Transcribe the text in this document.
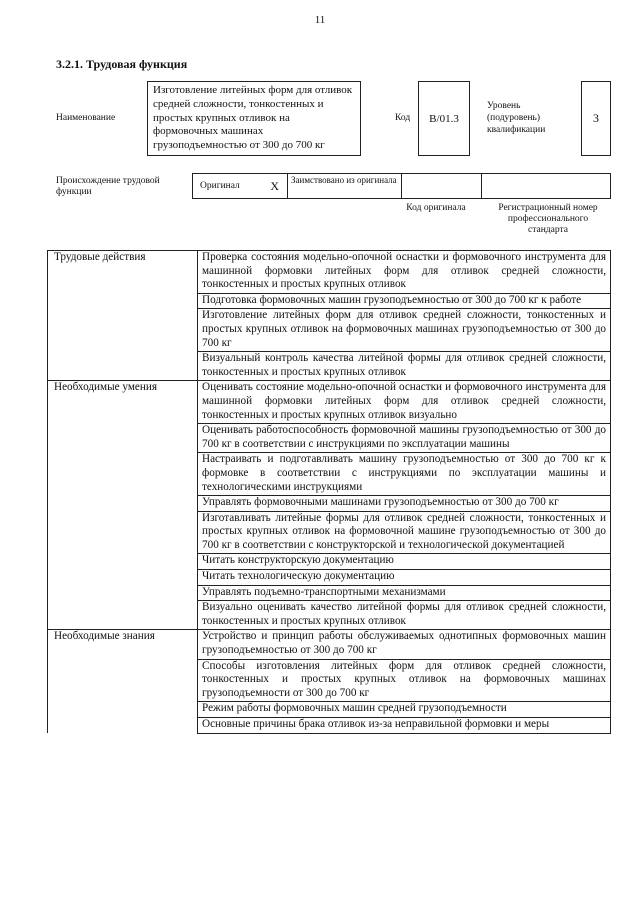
11
3.2.1. Трудовая функция
Наименование
Изготовление литейных форм для отливок средней сложности, тонкостенных и простых крупных отливок на формовочных машинах грузоподъемностью от 300 до 700 кг
Код	В/01.3
Уровень (подуровень) квалификации
3
Происхождение трудовой функции
Оригинал	X	Заимствовано из оригинала
Код оригинала	Регистрационный номер профессионального стандарта
Трудовые действия	Проверка состояния модельно-опочной оснастки и формовочного инструмента для машинной формовки литейных форм для отливок средней сложности, тонкостенных и простых крупных отливок
	Подготовка формовочных машин грузоподъемностью от 300 до 700 кг к работе
	Изготовление литейных форм для отливок средней сложности, тонкостенных и простых крупных отливок на формовочных машинах грузоподъемностью от 300 до 700 кг
	Визуальный контроль качества литейной формы для отливок средней сложности, тонкостенных и простых крупных отливок
Необходимые умения	Оценивать состояние модельно-опочной оснастки и формовочного инструмента для машинной формовки литейных форм для отливок средней сложности, тонкостенных и простых крупных отливок визуально
	Оценивать работоспособность формовочной машины грузоподъемностью от 300 до 700 кг в соответствии с инструкциями по эксплуатации машины
	Настраивать и подготавливать машину грузоподъемностью от 300 до 700 кг к формовке в соответствии с инструкциями по эксплуатации машины и технологическими инструкциями
	Управлять формовочными машинами грузоподъемностью от 300 до 700 кг
	Изготавливать литейные формы для отливок средней сложности, тонкостенных и простых крупных отливок на формовочной машине грузоподъемностью от 300 до 700 кг в соответствии с конструкторской и технологической документацией
	Читать конструкторскую документацию
	Читать технологическую документацию
	Управлять подъемно-транспортными механизмами
	Визуально оценивать качество литейной формы для отливок средней сложности, тонкостенных и простых крупных отливок
Необходимые знания	Устройство и принцип работы обслуживаемых однотипных формовочных машин грузоподъемностью от 300 до 700 кг
	Способы изготовления литейных форм для отливок средней сложности, тонкостенных и простых крупных отливок на формовочных машинах грузоподъемности от 300 до 700 кг
	Режим работы формовочных машин средней грузоподъемности
	Основные причины брака отливок из-за неправильной формовки и меры
